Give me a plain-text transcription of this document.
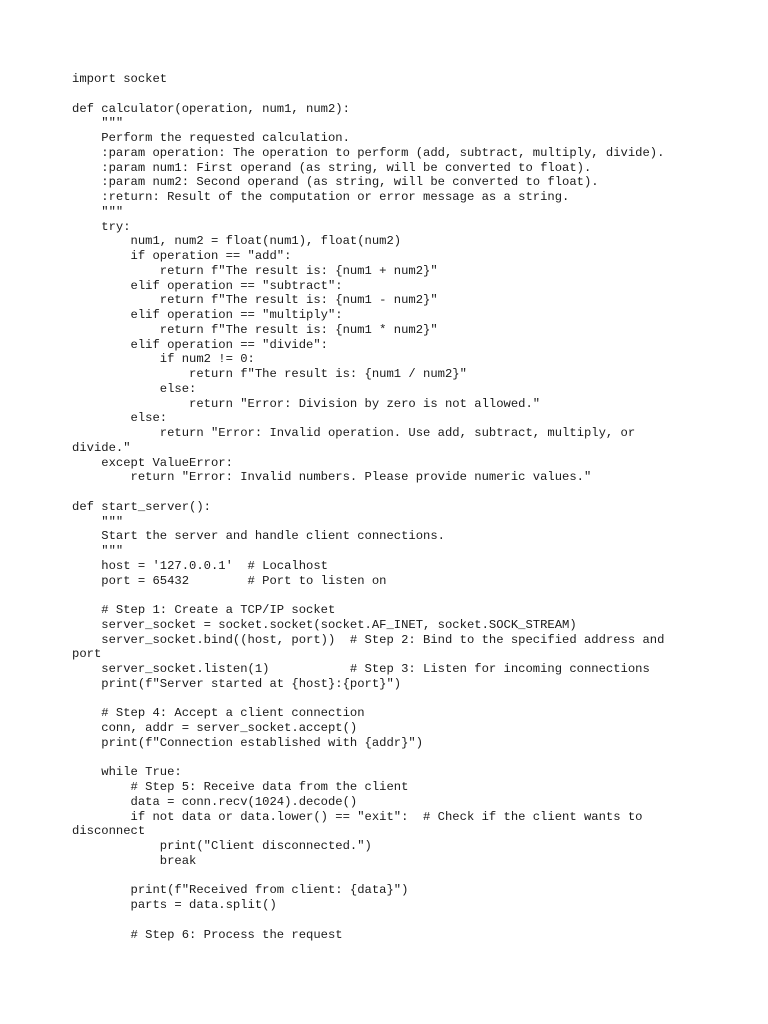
import socket
def calculator(operation, num1, num2):
"""
Perform the requested calculation.
:param operation: The operation to perform (add, subtract, multiply, divide).
:param num1: First operand (as string, will be converted to float).
:param num2: Second operand (as string, will be converted to float).
:return: Result of the computation or error message as a string.
"""
try:
num1, num2 = float(num1), float(num2)
if operation == "add":
return f"The result is: {num1 + num2}"
elif operation == "subtract":
return f"The result is: {num1 - num2}"
elif operation == "multiply":
return f"The result is: {num1 * num2}"
elif operation == "divide":
if num2 != 0:
return f"The result is: {num1 / num2}"
else:
return "Error: Division by zero is not allowed."
else:
return "Error: Invalid operation. Use add, subtract, multiply, or
divide."
except ValueError:
return "Error: Invalid numbers. Please provide numeric values."
def start_server():
"""
Start the server and handle client connections.
"""
host = '127.0.0.1'  # Localhost
port = 65432        # Port to listen on
# Step 1: Create a TCP/IP socket
server_socket = socket.socket(socket.AF_INET, socket.SOCK_STREAM)
server_socket.bind((host, port))  # Step 2: Bind to the specified address and
port
server_socket.listen(1)           # Step 3: Listen for incoming connections
print(f"Server started at {host}:{port}")
# Step 4: Accept a client connection
conn, addr = server_socket.accept()
print(f"Connection established with {addr}")
while True:
# Step 5: Receive data from the client
data = conn.recv(1024).decode()
if not data or data.lower() == "exit":  # Check if the client wants to
disconnect
print("Client disconnected.")
break
print(f"Received from client: {data}")
parts = data.split()
# Step 6: Process the request
